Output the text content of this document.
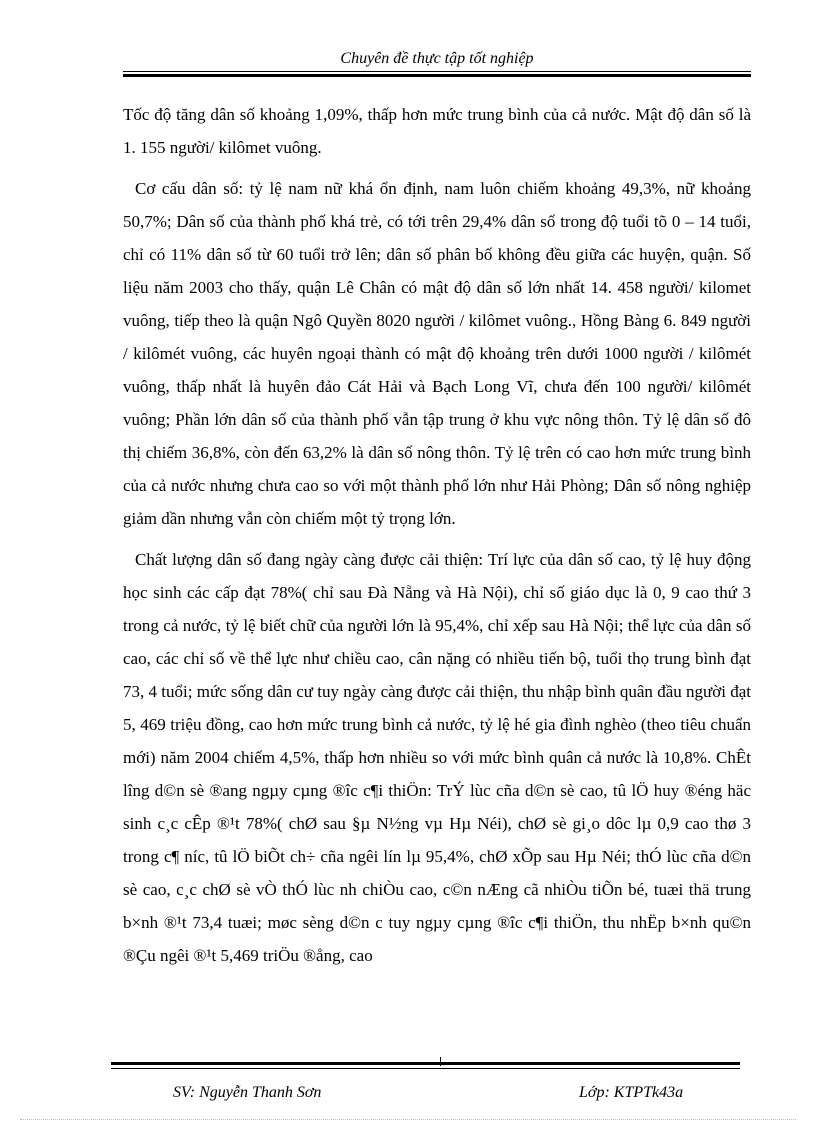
Chuyên đề thực tập tốt nghiệp

Tốc độ tăng dân số khoảng 1,09%, thấp hơn mức trung bình của cả nước. Mật độ dân số là 1. 155 người/ kilômet vuông.

Cơ cấu dân số: tỷ lệ nam nữ khá ổn định, nam luôn chiếm khoảng 49,3%, nữ khoảng 50,7%; Dân số của thành phố khá trẻ, có tới trên 29,4% dân số trong độ tuổi tõ 0 – 14 tuổi, chỉ có 11% dân số từ 60 tuổi trở lên; dân số phân bố không đều giữa các huyện, quận. Số liệu năm 2003 cho thấy, quận Lê Chân có mật độ dân số lớn nhất 14. 458 người/ kilomet vuông, tiếp theo là quận Ngô Quyền 8020 người / kilômet vuông., Hồng Bàng 6. 849 người / kilômét vuông, các huyên ngoại thành có mật độ khoảng trên dưới 1000 người / kilômét vuông, thấp nhất là huyên đảo Cát Hải và Bạch Long Vĩ, chưa đến 100 người/ kilômét vuông; Phần lớn dân số của thành phố vẫn tập trung ở khu vực nông thôn. Tỷ lệ dân số đô thị chiếm 36,8%, còn đến 63,2% là dân số nông thôn. Tỷ lệ trên có cao hơn mức trung bình của cả nước nhưng chưa cao so với một thành phố lớn như Hải Phòng; Dân số nông nghiệp giảm dần nhưng vẫn còn chiếm một tỷ trọng lớn.

Chất lượng dân số đang ngày càng được cải thiện: Trí lực của dân số cao, tỷ lệ huy động học sinh các cấp đạt 78%( chỉ sau Đà Nẵng và Hà Nội), chỉ số giáo dục là 0, 9 cao thứ 3 trong cả nước, tỷ lệ biết chữ của người lớn là 95,4%, chỉ xếp sau Hà Nội; thể lực của dân số cao, các chỉ số về thể lực như chiều cao, cân nặng có nhiều tiến bộ, tuổi thọ trung bình đạt 73, 4 tuổi; mức sống dân cư tuy ngày càng được cải thiện, thu nhập bình quân đầu người đạt 5, 469 triệu đồng, cao hơn mức trung bình cả nước, tỷ lệ hé gia đình nghèo (theo tiêu chuẩn mới) năm 2004 chiếm 4,5%, thấp hơn nhiều so với mức bình quân cả nước là 10,8%. ChÊt lîng d©n sè ®ang ngµy cµng ®îc c¶i thiÖn: TrÝ lùc cña d©n sè cao, tû lÖ huy ®éng häc sinh c¸c cÊp ®¹t 78%( chØ sau §µ N½ng vµ Hµ Néi), chØ sè gi¸o dôc lµ 0,9 cao thø 3 trong c¶ níc, tû lÖ biÕt ch÷ cña ngêi lín lµ 95,4%, chØ xÕp sau Hµ Néi; thÓ lùc cña d©n sè cao, c¸c chØ sè vÒ thÓ lùc nh chiÒu cao, c©n nÆng cã nhiÒu tiÕn bé, tuæi thä trung b×nh ®¹t 73,4 tuæi; møc sèng d©n c tuy ngµy cµng ®îc c¶i thiÖn, thu nhËp b×nh qu©n ®Çu ngêi ®¹t 5,469 triÖu ®ång, cao

SV: Nguyễn Thanh Sơn	Lớp: KTPTk43a
